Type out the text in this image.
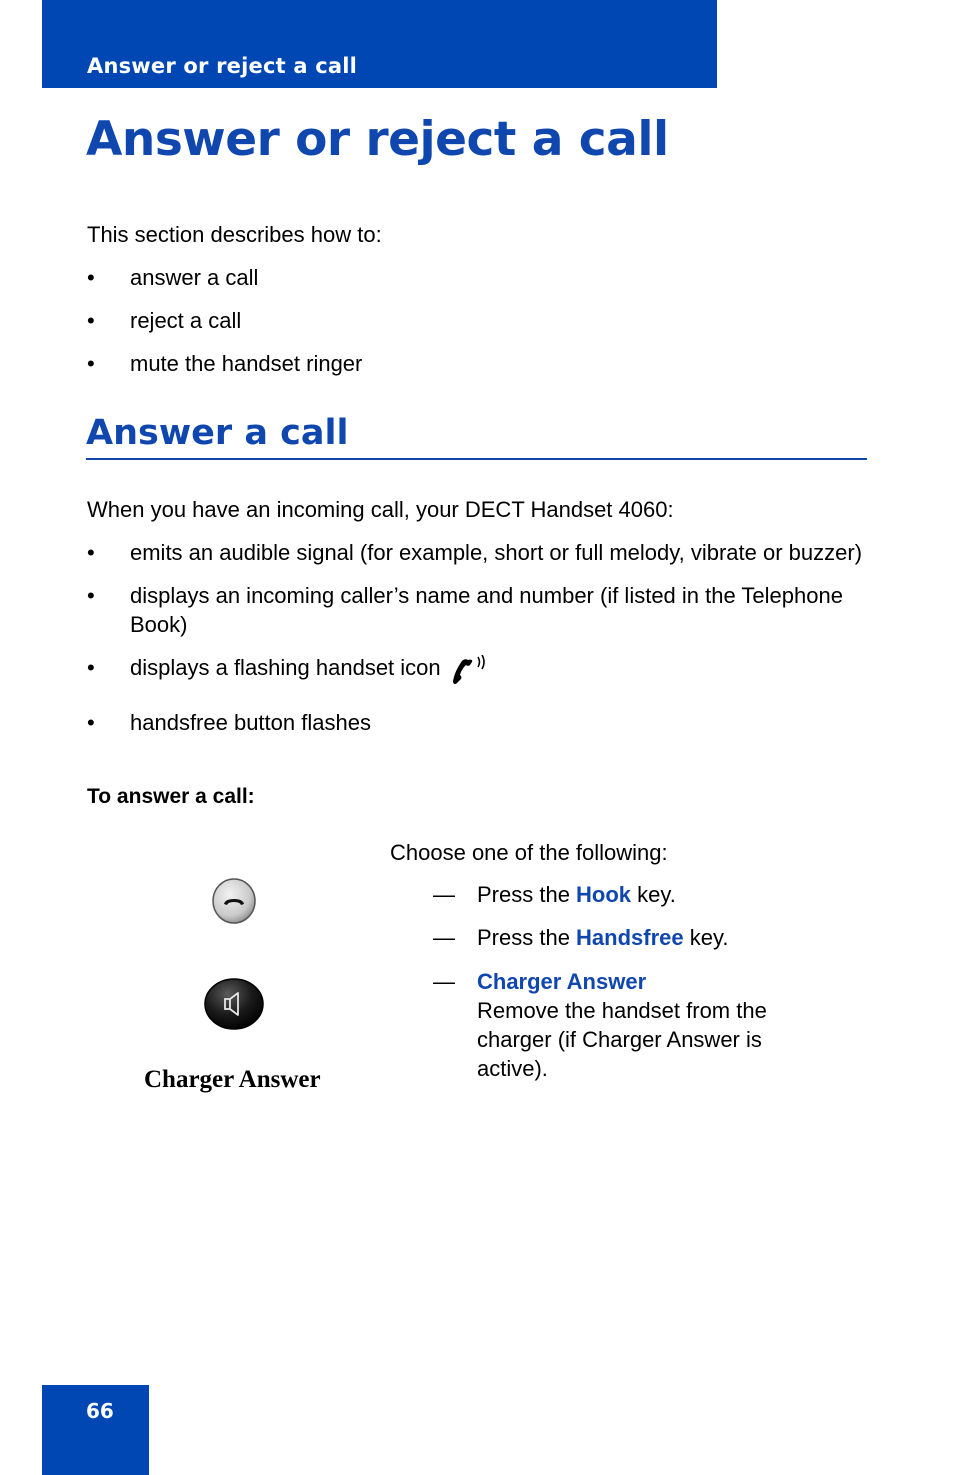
Answer or reject a call
Answer or reject a call
This section describes how to:
• answer a call
• reject a call
• mute the handset ringer
Answer a call
When you have an incoming call, your DECT Handset 4060:
• emits an audible signal (for example, short or full melody, vibrate or buzzer)
• displays an incoming caller’s name and number (if listed in the Telephone Book)
• displays a flashing handset icon
• handsfree button flashes
To answer a call:
Choose one of the following:
— Press the Hook key.
— Press the Handsfree key.
— Charger Answer
Remove the handset from the charger (if Charger Answer is active).
Charger Answer
66
